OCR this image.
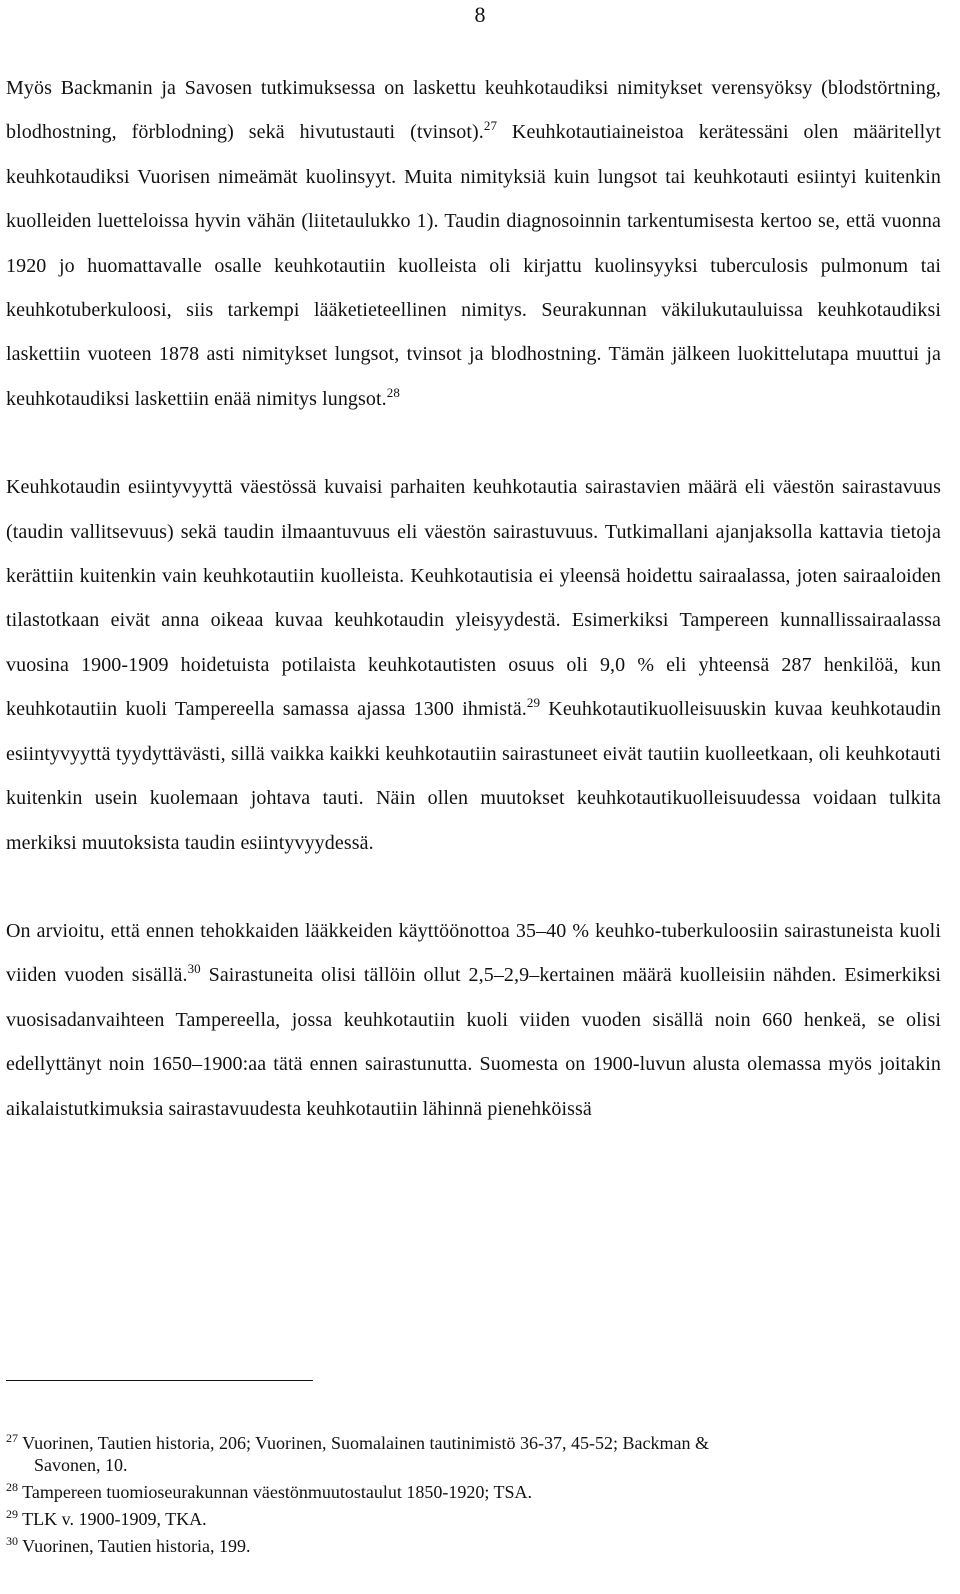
8

Myös Backmanin ja Savosen tutkimuksessa on laskettu keuhkotaudiksi nimitykset verensyöksy (blodstörtning, blodhostning, förblodning) sekä hivutustauti (tvinsot).$^{27}$ Keuhkotautiaineistoa kerätessäni olen määritellyt keuhkotaudiksi Vuorisen nimeämät kuolinsyyt. Muita nimityksiä kuin lungsot tai keuhkotauti esiintyi kuitenkin kuolleiden luetteloissa hyvin vähän (liitetaulukko 1). Taudin diagnosoinnin tarkentumisesta kertoo se, että vuonna 1920 jo huomattavalle osalle keuhkotautiin kuolleista oli kirjattu kuolinsyyksi tuberculosis pulmonum tai keuhkotuberkuloosi, siis tarkempi lääketieteellinen nimitys. Seurakunnan väkilukutauluissa keuhkotaudiksi laskettiin vuoteen 1878 asti nimitykset lungsot, tvinsot ja blodhostning. Tämän jälkeen luokittelutapa muuttui ja keuhkotaudiksi laskettiin enää nimitys lungsot.$^{28}$

Keuhkotaudin esiintyvyyttä väestössä kuvaisi parhaiten keuhkotautia sairastavien määrä eli väestön sairastavuus (taudin vallitsevuus) sekä taudin ilmaantuvuus eli väestön sairastuvuus. Tutkimallani ajanjaksolla kattavia tietoja kerättiin kuitenkin vain keuhkotautiin kuolleista. Keuhkotautisia ei yleensä hoidettu sairaalassa, joten sairaaloiden tilastotkaan eivät anna oikeaa kuvaa keuhkotaudin yleisyydestä. Esimerkiksi Tampereen kunnallissairaalassa vuosina 1900-1909 hoidetuista potilaista keuhkotautisten osuus oli 9,0 % eli yhteensä 287 henkilöä, kun keuhkotautiin kuoli Tampereella samassa ajassa 1300 ihmistä.$^{29}$ Keuhkotautikuolleisuuskin kuvaa keuhkotaudin esiintyvyyttä tyydyttävästi, sillä vaikka kaikki keuhkotautiin sairastuneet eivät tautiin kuolleetkaan, oli keuhkotauti kuitenkin usein kuolemaan johtava tauti. Näin ollen muutokset keuhkotautikuolleisuudessa voidaan tulkita merkiksi muutoksista taudin esiintyvyydessä.

On arvioitu, että ennen tehokkaiden lääkkeiden käyttöönottoa 35–40 % keuhko-tuberkuloosiin sairastuneista kuoli viiden vuoden sisällä.$^{30}$ Sairastuneita olisi tällöin ollut 2,5–2,9–kertainen määrä kuolleisiin nähden. Esimerkiksi vuosisadanvaihteen Tampereella, jossa keuhkotautiin kuoli viiden vuoden sisällä noin 660 henkeä, se olisi edellyttänyt noin 1650–1900:aa tätä ennen sairastunutta. Suomesta on 1900-luvun alusta olemassa myös joitakin aikalaistutkimuksia sairastavuudesta keuhkotautiin lähinnä pienehköissä

$^{27}$ Vuorinen, Tautien historia, 206; Vuorinen, Suomalainen tautinimistö 36-37, 45-52; Backman &
Savonen, 10.

$^{28}$ Tampereen tuomioseurakunnan väestönmuutostaulut 1850-1920; TSA.

$^{29}$ TLK v. 1900-1909, TKA.

$^{30}$ Vuorinen, Tautien historia, 199.
